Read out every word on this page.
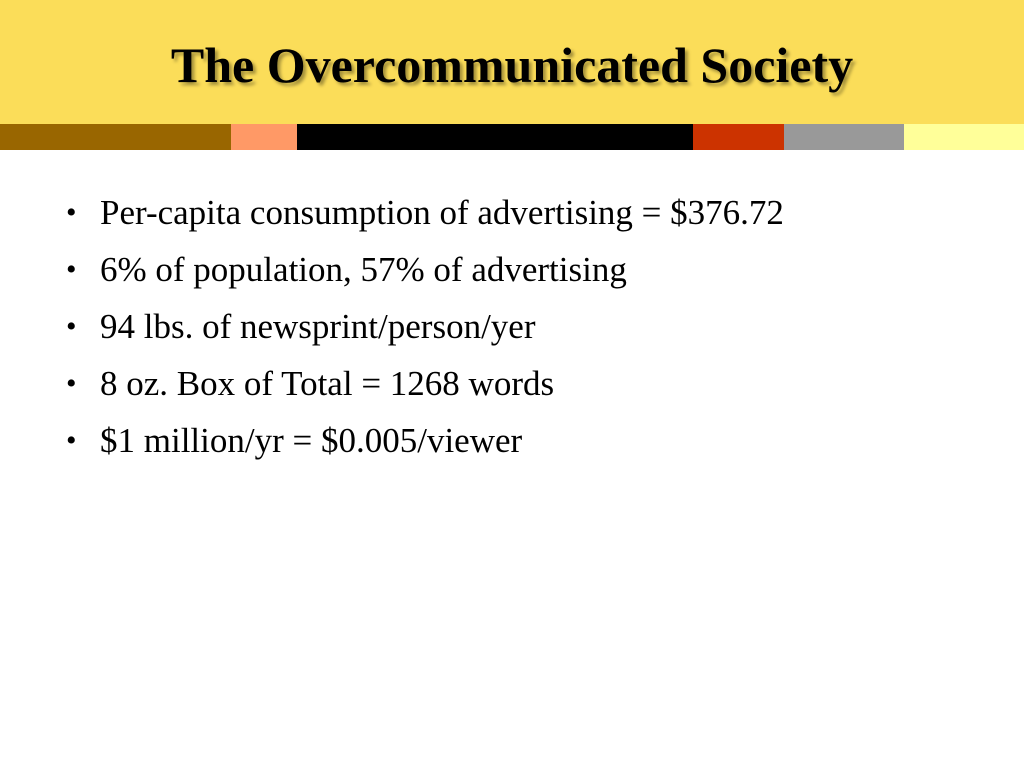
The Overcommunicated Society
• Per-capita consumption of advertising = $376.72
• 6% of population, 57% of advertising
• 94 lbs. of newsprint/person/yer
• 8 oz. Box of Total = 1268 words
• $1 million/yr = $0.005/viewer
